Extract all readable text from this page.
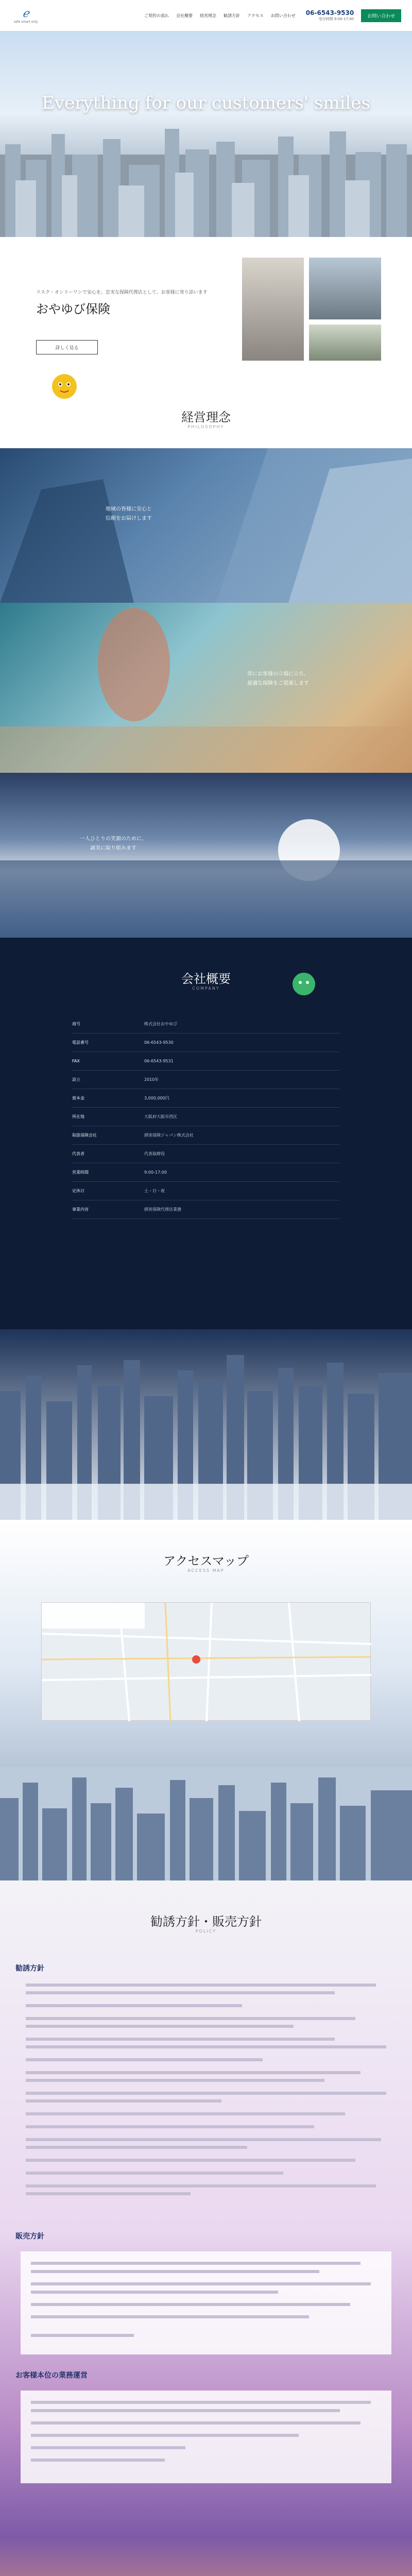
ℯ
safe smart only
ご契約の流れ 会社概要 経営理念 勧誘方針 アクセス お問い合わせ 06-6543-9530
受付時間 9:00-17:00
お問い合わせ
Everything for our customers' smiles
リスク・オンリーワンで安心を。忠実な保険代理店として、お客様に寄り添います
おやゆび保険
詳しく見る
経営理念
PHILOSOPHY
地域の皆様に安心と
信頼をお届けします
常にお客様の立場に立ち、
最適な保険をご提案します
一人ひとりの笑顔のために、
誠実に取り組みます
会社概要
COMPANY
商号	株式会社おやゆび
電話番号	06-6543-9530
FAX	06-6543-9531
設立	2010年
資本金	3,000,000円
所在地	大阪府大阪市西区
取扱保険会社	損害保険ジャパン株式会社
代表者	代表取締役
営業時間	9:00-17:00
定休日	土・日・祝
事業内容	損害保険代理店業務
アクセスマップ
ACCESS MAP
勧誘方針・販売方針
POLICY
勧誘方針
販売方針
お客様本位の業務運営
